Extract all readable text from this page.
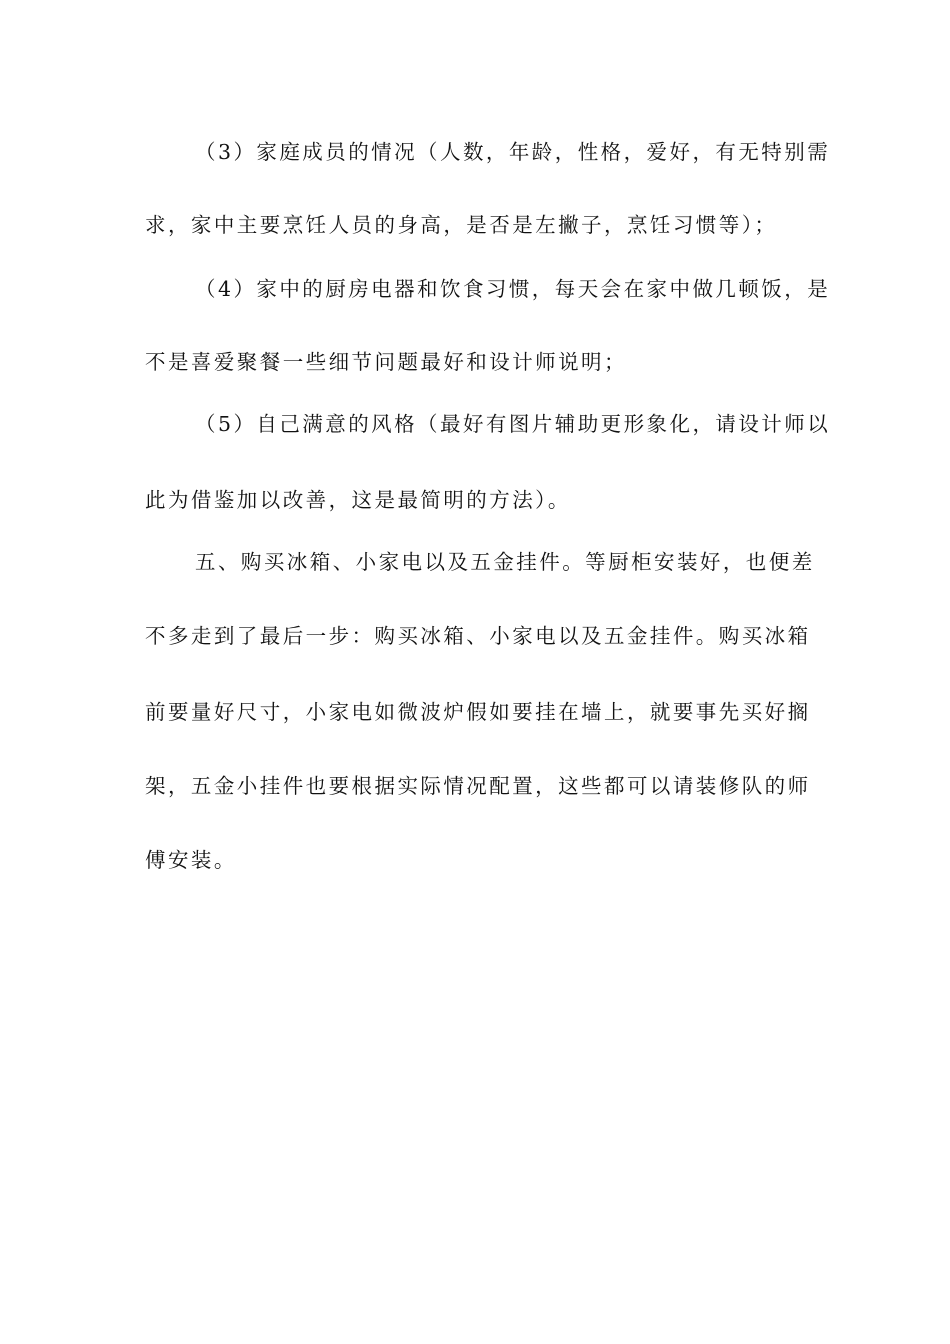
（3）家庭成员的情况（人数，年龄，性格，爱好，有无特别需
求，家中主要烹饪人员的身高，是否是左撇子，烹饪习惯等）；
（4）家中的厨房电器和饮食习惯，每天会在家中做几顿饭，是
不是喜爱聚餐一些细节问题最好和设计师说明；
（5）自己满意的风格（最好有图片辅助更形象化，请设计师以
此为借鉴加以改善，这是最简明的方法）。
五、购买冰箱、小家电以及五金挂件。等厨柜安装好，也便差
不多走到了最后一步：购买冰箱、小家电以及五金挂件。购买冰箱
前要量好尺寸，小家电如微波炉假如要挂在墙上，就要事先买好搁
架，五金小挂件也要根据实际情况配置，这些都可以请装修队的师
傅安装。
